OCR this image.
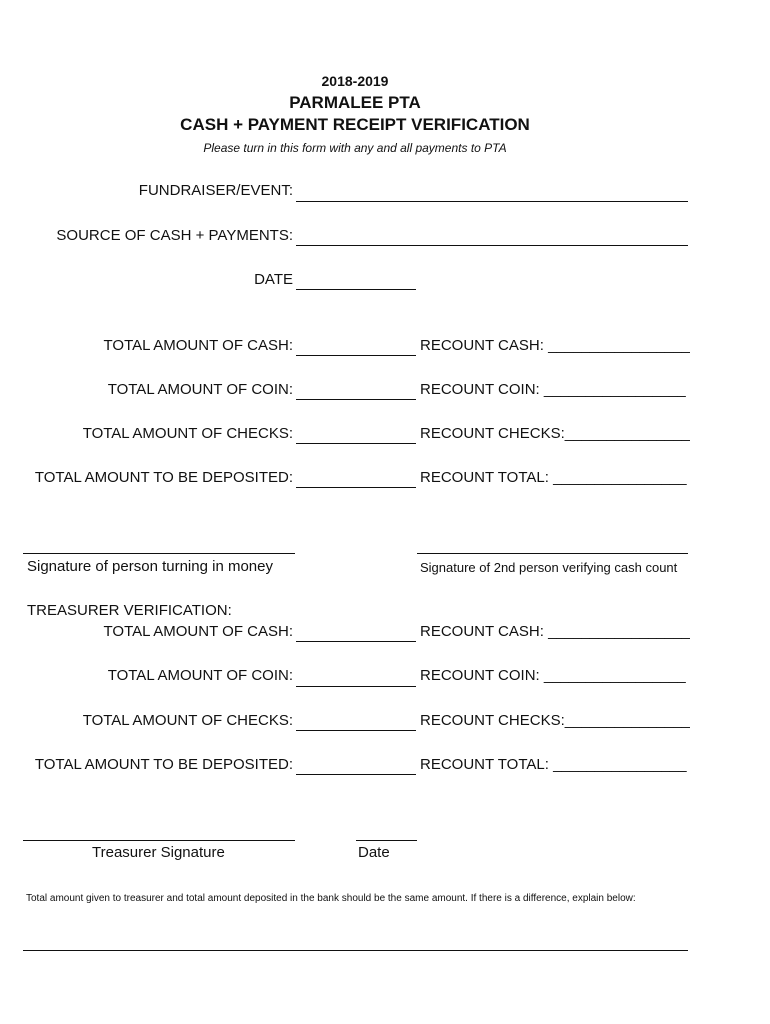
2018-2019
PARMALEE PTA
CASH + PAYMENT RECEIPT VERIFICATION
Please turn in this form with any and all payments to PTA
FUNDRAISER/EVENT:
SOURCE OF CASH + PAYMENTS:
DATE
TOTAL AMOUNT OF CASH:	RECOUNT CASH: _________________
TOTAL AMOUNT OF COIN:	RECOUNT COIN: _________________
TOTAL AMOUNT OF CHECKS:	RECOUNT CHECKS:_______________
TOTAL AMOUNT TO BE DEPOSITED:	RECOUNT TOTAL: ________________
Signature of person turning in money	Signature of 2nd person verifying cash count
TREASURER VERIFICATION:
TOTAL AMOUNT OF CASH:	RECOUNT CASH: _________________
TOTAL AMOUNT OF COIN:	RECOUNT COIN: _________________
TOTAL AMOUNT OF CHECKS:	RECOUNT CHECKS:_______________
TOTAL AMOUNT TO BE DEPOSITED:	RECOUNT TOTAL: ________________
Treasurer Signature	Date
Total amount given to treasurer and total amount deposited in the bank should be the same amount. If there is a difference, explain below:
